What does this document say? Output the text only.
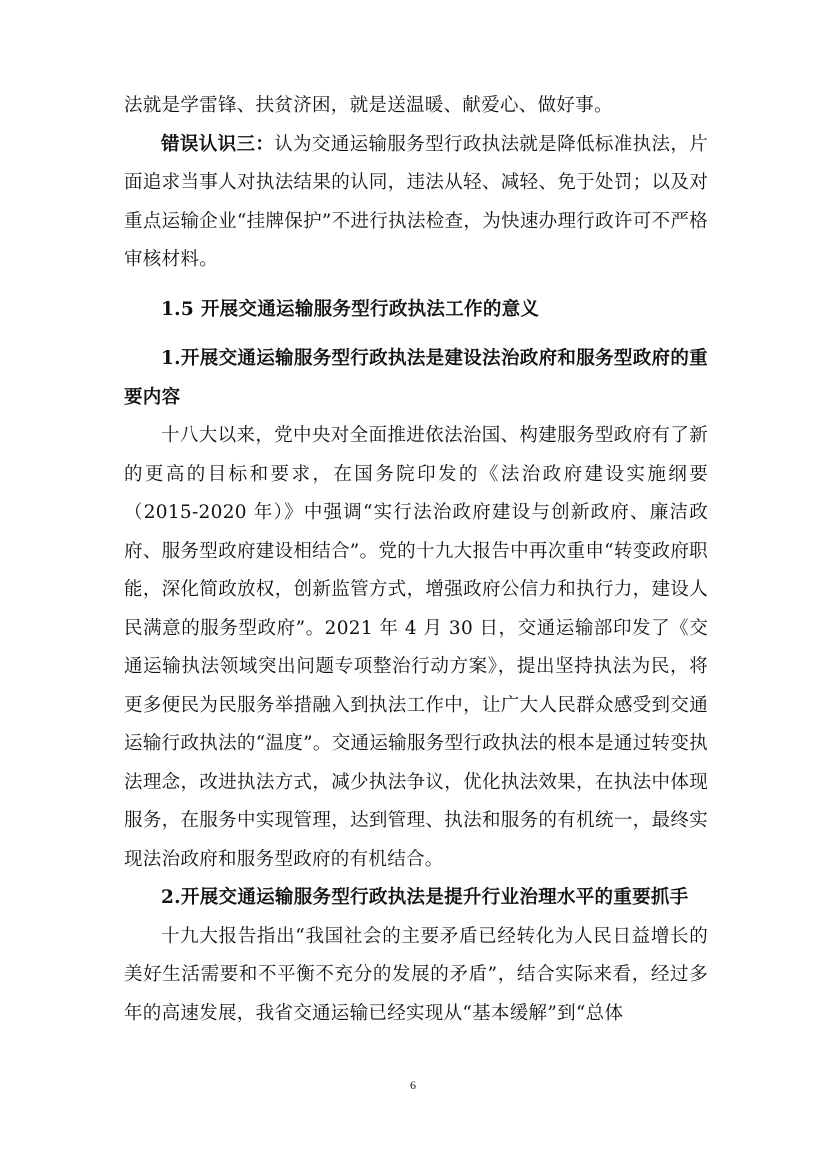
法就是学雷锋、扶贫济困，就是送温暖、献爱心、做好事。

错误认识三：认为交通运输服务型行政执法就是降低标准执法，片面追求当事人对执法结果的认同，违法从轻、减轻、免于处罚；以及对重点运输企业“挂牌保护”不进行执法检查，为快速办理行政许可不严格审核材料。

1.5 开展交通运输服务型行政执法工作的意义

1.开展交通运输服务型行政执法是建设法治政府和服务型政府的重要内容

十八大以来，党中央对全面推进依法治国、构建服务型政府有了新的更高的目标和要求，在国务院印发的《法治政府建设实施纲要（2015-2020 年）》中强调“实行法治政府建设与创新政府、廉洁政府、服务型政府建设相结合”。党的十九大报告中再次重申“转变政府职能，深化简政放权，创新监管方式，增强政府公信力和执行力，建设人民满意的服务型政府”。2021 年 4 月 30 日，交通运输部印发了《交通运输执法领域突出问题专项整治行动方案》，提出坚持执法为民，将更多便民为民服务举措融入到执法工作中，让广大人民群众感受到交通运输行政执法的“温度”。交通运输服务型行政执法的根本是通过转变执法理念，改进执法方式，减少执法争议，优化执法效果，在执法中体现服务，在服务中实现管理，达到管理、执法和服务的有机统一，最终实现法治政府和服务型政府的有机结合。

2.开展交通运输服务型行政执法是提升行业治理水平的重要抓手

十九大报告指出“我国社会的主要矛盾已经转化为人民日益增长的美好生活需要和不平衡不充分的发展的矛盾”，结合实际来看，经过多年的高速发展，我省交通运输已经实现从“基本缓解”到“总体

6
